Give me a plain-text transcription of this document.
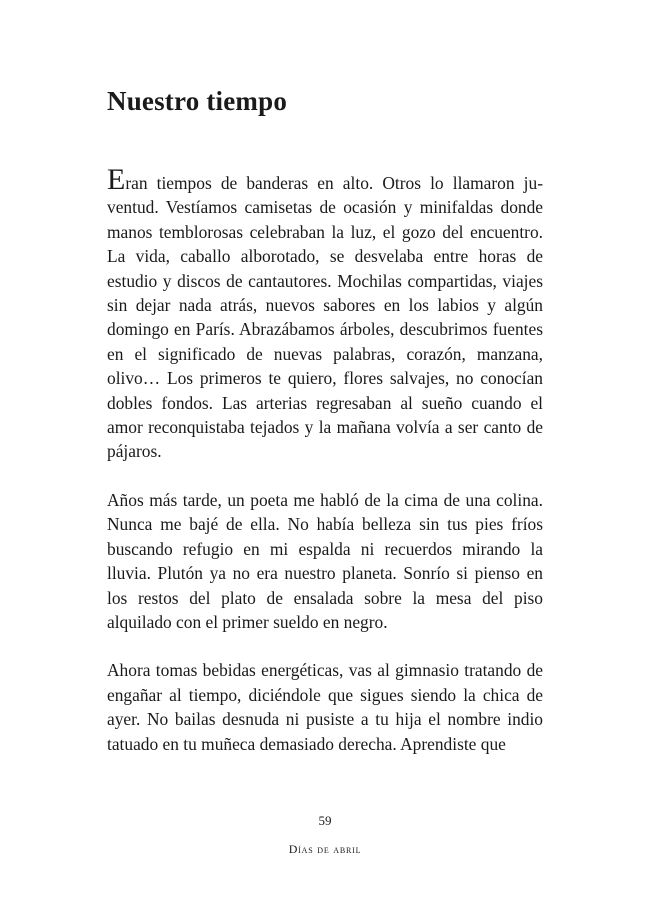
Nuestro tiempo

Eran tiempos de banderas en alto. Otros lo llamaron juventud. Vestíamos camisetas de ocasión y minifaldas donde manos temblorosas celebraban la luz, el gozo del encuentro. La vida, caballo alborotado, se desvelaba entre horas de estudio y discos de cantautores. Mochilas compartidas, viajes sin dejar nada atrás, nuevos sabores en los labios y algún domingo en París. Abrazábamos árboles, descubrimos fuentes en el significado de nuevas palabras, corazón, manzana, olivo… Los primeros te quiero, flores salvajes, no conocían dobles fondos. Las arterias regresaban al sueño cuando el amor reconquistaba tejados y la mañana volvía a ser canto de pájaros.

Años más tarde, un poeta me habló de la cima de una colina. Nunca me bajé de ella. No había belleza sin tus pies fríos buscando refugio en mi espalda ni recuerdos mirando la lluvia. Plutón ya no era nuestro planeta. Sonrío si pienso en los restos del plato de ensalada sobre la mesa del piso alquilado con el primer sueldo en negro.

Ahora tomas bebidas energéticas, vas al gimnasio tratando de engañar al tiempo, diciéndole que sigues siendo la chica de ayer. No bailas desnuda ni pusiste a tu hija el nombre indio tatuado en tu muñeca demasiado derecha. Aprendiste que

59
Días de abril
